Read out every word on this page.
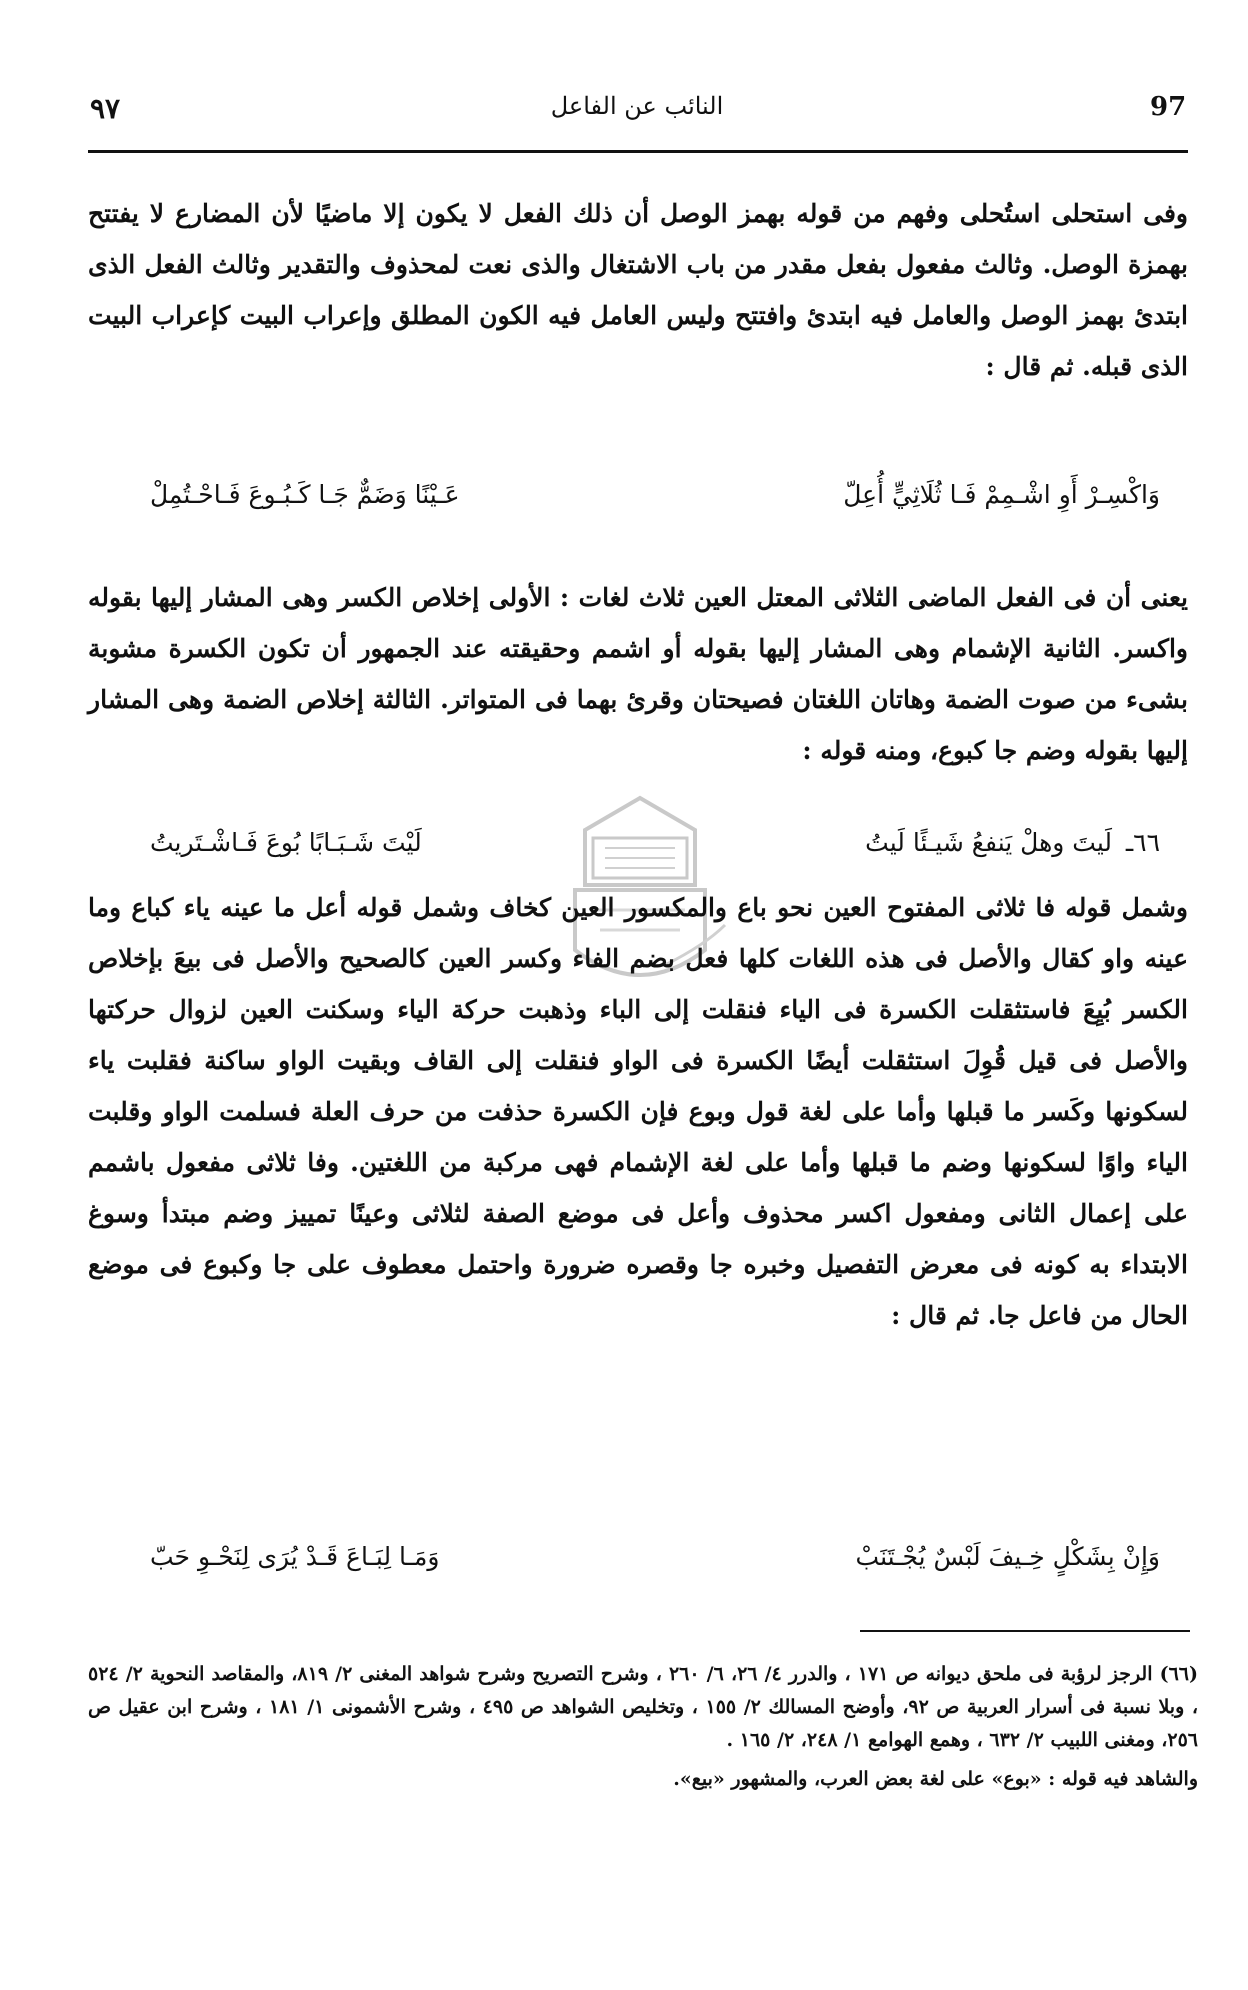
٩٧	النائب عن الفاعل	97
وفى استحلى استُحلى وفهم من قوله بهمز الوصل أن ذلك الفعل لا يكون إلا ماضيًا لأن المضارع لا يفتتح بهمزة الوصل. وثالث مفعول بفعل مقدر من باب الاشتغال والذى نعت لمحذوف والتقدير وثالث الفعل الذى ابتدئ بهمز الوصل والعامل فيه ابتدئ وافتتح وليس العامل فيه الكون المطلق وإعراب البيت كإعراب البيت الذى قبله. ثم قال :
وَاكْسِـرْ أَوِ اشْـمِمْ فَـا ثُلَاثِيٍّ أُعِلّ
عَـيْنًا وَضَمٌّ جَـا كَـبُـوعَ فَـاحْـتُمِلْ
يعنى أن فى الفعل الماضى الثلاثى المعتل العين ثلاث لغات : الأولى إخلاص الكسر وهى المشار إليها بقوله واكسر. الثانية الإشمام وهى المشار إليها بقوله أو اشمم وحقيقته عند الجمهور أن تكون الكسرة مشوبة بشىء من صوت الضمة وهاتان اللغتان فصيحتان وقرئ بهما فى المتواتر. الثالثة إخلاص الضمة وهى المشار إليها بقوله وضم جا كبوع، ومنه قوله :
٦٦ـ
لَيتَ وهلْ يَنفعُ شَيـئًا لَيتُ
لَيْتَ شَـبَـابًا بُوعَ فَـاشْـتَريتُ
وشمل قوله فا ثلاثى المفتوح العين نحو باع والمكسور العين كخاف وشمل قوله أعل ما عينه ياء كباع وما عينه واو كقال والأصل فى هذه اللغات كلها فعل بضم الفاء وكسر العين كالصحيح والأصل فى بيعَ بإخلاص الكسر بُيِعَ فاستثقلت الكسرة فى الياء فنقلت إلى الباء وذهبت حركة الياء وسكنت العين لزوال حركتها والأصل فى قيل قُوِلَ استثقلت أيضًا الكسرة فى الواو فنقلت إلى القاف وبقيت الواو ساكنة فقلبت ياء لسكونها وكَسر ما قبلها وأما على لغة قول وبوع فإن الكسرة حذفت من حرف العلة فسلمت الواو وقلبت الياء واوًا لسكونها وضم ما قبلها وأما على لغة الإشمام فهى مركبة من اللغتين. وفا ثلاثى مفعول باشمم على إعمال الثانى ومفعول اكسر محذوف وأعل فى موضع الصفة لثلاثى وعينًا تمييز وضم مبتدأ وسوغ الابتداء به كونه فى معرض التفصيل وخبره جا وقصره ضرورة واحتمل معطوف على جا وكبوع فى موضع الحال من فاعل جا. ثم قال :
وَإِنْ بِشَكْلٍ خِـيفَ لَبْسٌ يُجْـتَنَبْ
وَمَـا لِبَـاعَ قَـدْ يُرَى لِنَحْـوِ حَبّ
(٦٦) الرجز لرؤبة فى ملحق ديوانه ص ١٧١ ، والدرر ٤/ ٢٦، ٦/ ٢٦٠ ، وشرح التصريح وشرح شواهد المغنى ٢/ ٨١٩، والمقاصد النحوية ٢/ ٥٢٤ ، وبلا نسبة فى أسرار العربية ص ٩٢، وأوضح المسالك ٢/ ١٥٥ ، وتخليص الشواهد ص ٤٩٥ ، وشرح الأشمونى ١/ ١٨١ ، وشرح ابن عقيل ص ٢٥٦، ومغنى اللبيب ٢/ ٦٣٢ ، وهمع الهوامع ١/ ٢٤٨، ٢/ ١٦٥ .
والشاهد فيه قوله : «بوع» على لغة بعض العرب، والمشهور «بيع».
